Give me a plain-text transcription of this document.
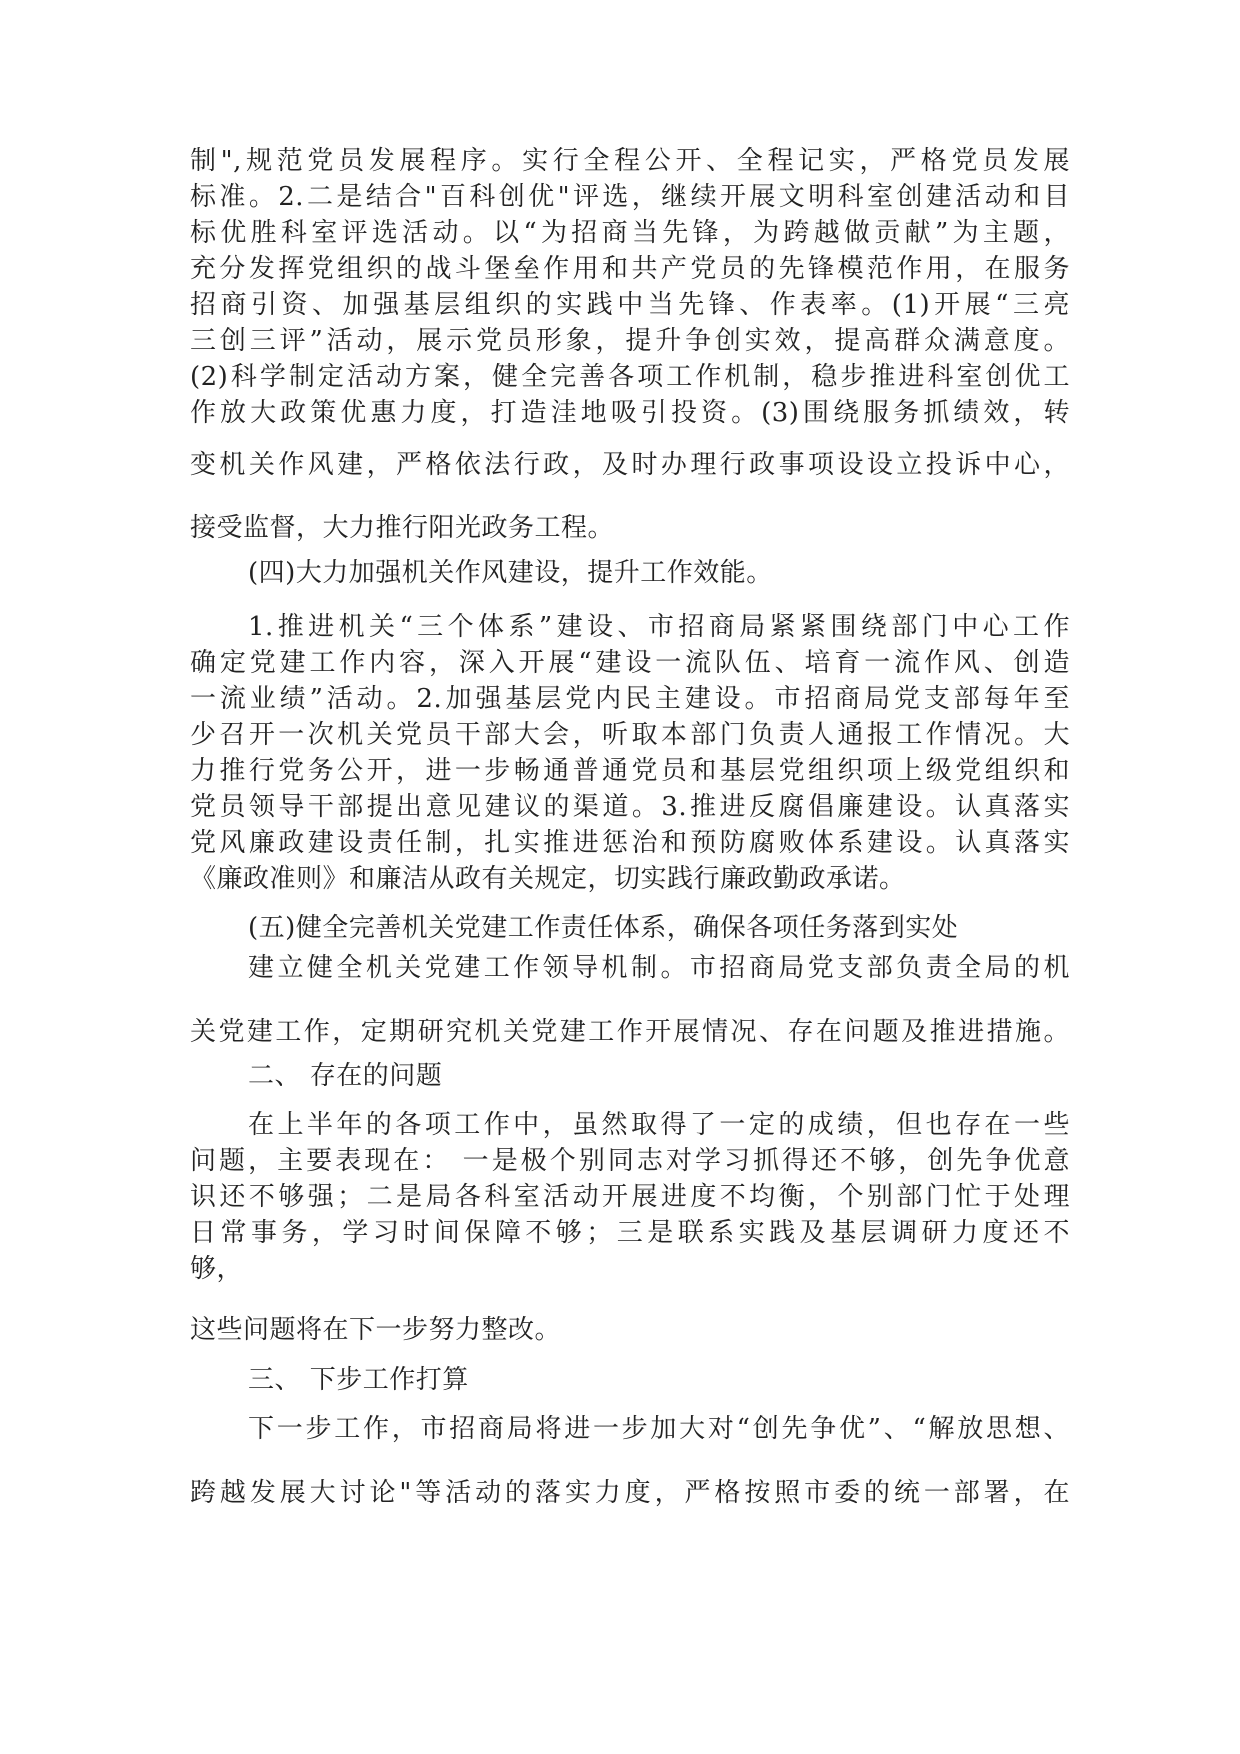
制",规范党员发展程序。实行全程公开、全程记实，严格党员发展
标准。2.二是结合"百科创优"评选，继续开展文明科室创建活动和目
标优胜科室评选活动。以“为招商当先锋，为跨越做贡献”为主题，
充分发挥党组织的战斗堡垒作用和共产党员的先锋模范作用，在服务
招商引资、加强基层组织的实践中当先锋、作表率。(1)开展“三亮
三创三评”活动，展示党员形象，提升争创实效，提高群众满意度。
(2)科学制定活动方案，健全完善各项工作机制，稳步推进科室创优工
作放大政策优惠力度，打造洼地吸引投资。(3)围绕服务抓绩效，转
变机关作风建，严格依法行政，及时办理行政事项设设立投诉中心，
接受监督，大力推行阳光政务工程。
(四)大力加强机关作风建设，提升工作效能。
1.推进机关“三个体系”建设、市招商局紧紧围绕部门中心工作
确定党建工作内容，深入开展“建设一流队伍、培育一流作风、创造
一流业绩”活动。2.加强基层党内民主建设。市招商局党支部每年至
少召开一次机关党员干部大会，听取本部门负责人通报工作情况。大
力推行党务公开，进一步畅通普通党员和基层党组织项上级党组织和
党员领导干部提出意见建议的渠道。3.推进反腐倡廉建设。认真落实
党风廉政建设责任制，扎实推进惩治和预防腐败体系建设。认真落实
《廉政准则》和廉洁从政有关规定，切实践行廉政勤政承诺。
(五)健全完善机关党建工作责任体系，确保各项任务落到实处
建立健全机关党建工作领导机制。市招商局党支部负责全局的机
关党建工作，定期研究机关党建工作开展情况、存在问题及推进措施。
二、 存在的问题
在上半年的各项工作中，虽然取得了一定的成绩，但也存在一些
问题，主要表现在： 一是极个别同志对学习抓得还不够，创先争优意
识还不够强；二是局各科室活动开展进度不均衡，个别部门忙于处理
日常事务，学习时间保障不够；三是联系实践及基层调研力度还不
够，
这些问题将在下一步努力整改。
三、 下步工作打算
下一步工作，市招商局将进一步加大对“创先争优”、“解放思想、
跨越发展大讨论"等活动的落实力度，严格按照市委的统一部署，在
